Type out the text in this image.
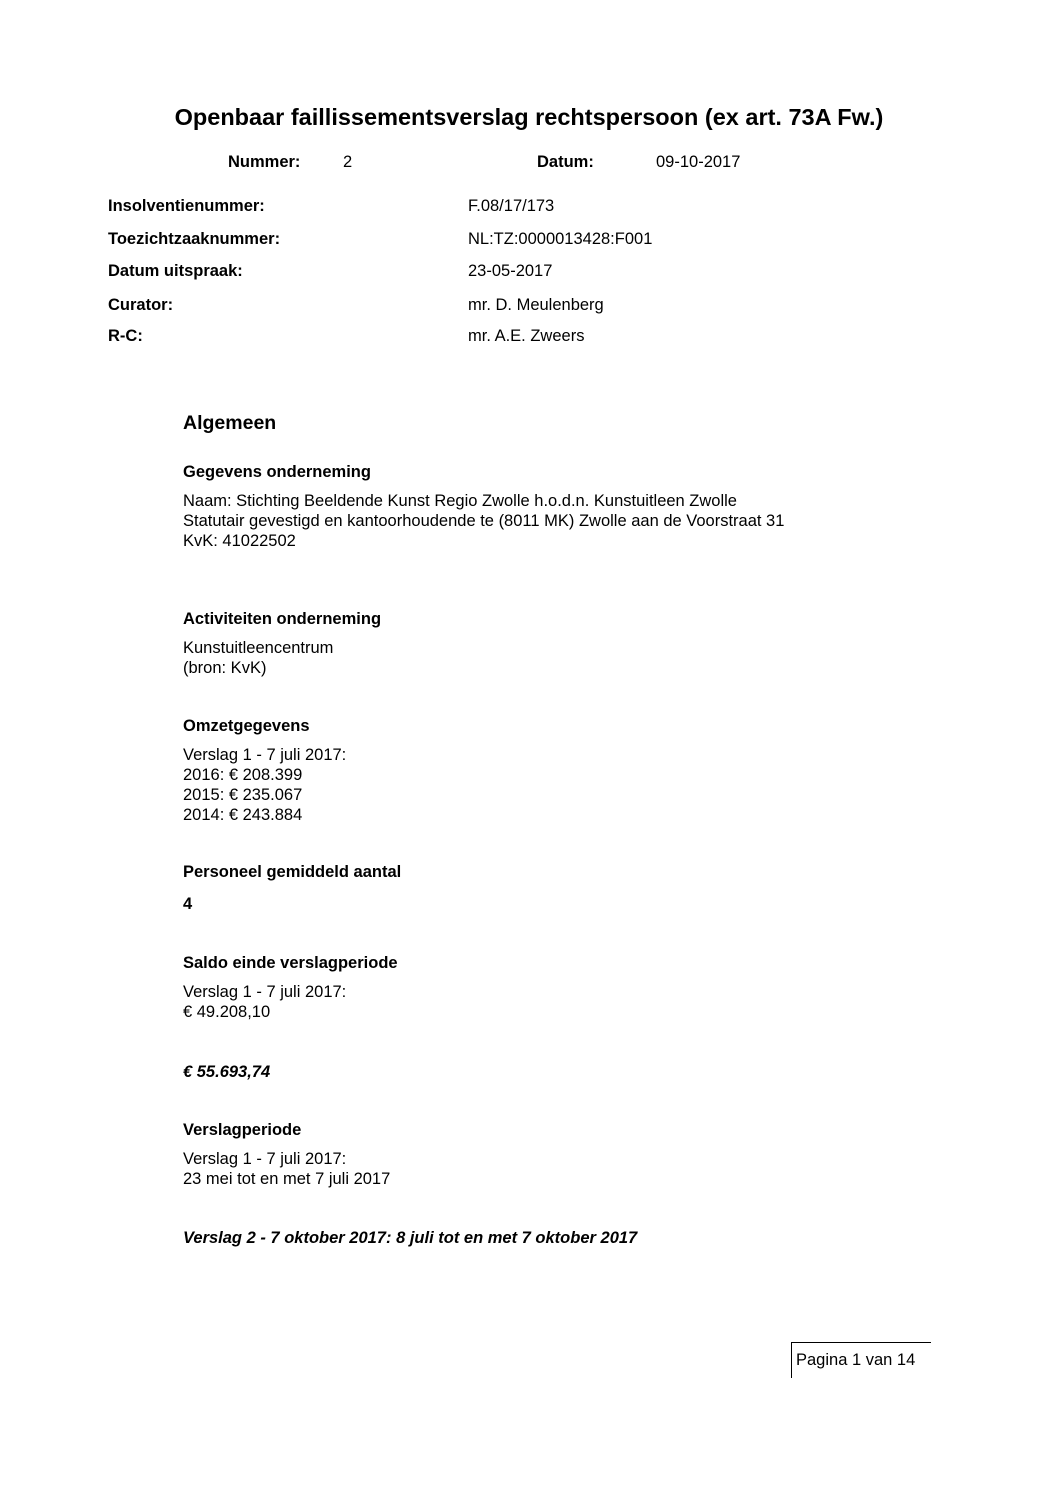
Openbaar faillissementsverslag rechtspersoon (ex art. 73A Fw.)
Nummer:	2	Datum:	09-10-2017
Insolventienummer:	F.08/17/173
Toezichtzaaknummer:	NL:TZ:0000013428:F001
Datum uitspraak:	23-05-2017
Curator:	mr. D. Meulenberg
R-C:	mr. A.E. Zweers
Algemeen
Gegevens onderneming
Naam: Stichting Beeldende Kunst Regio Zwolle h.o.d.n. Kunstuitleen Zwolle
Statutair gevestigd en kantoorhoudende te (8011 MK) Zwolle aan de Voorstraat 31
KvK: 41022502
Activiteiten onderneming
Kunstuitleencentrum
(bron: KvK)
Omzetgegevens
Verslag 1 - 7 juli 2017:
2016: € 208.399
2015: € 235.067
2014: € 243.884
Personeel gemiddeld aantal
4
Saldo einde verslagperiode
Verslag 1 - 7 juli 2017:
€ 49.208,10
€ 55.693,74
Verslagperiode
Verslag 1 - 7 juli 2017:
23 mei tot en met 7 juli 2017
Verslag 2 - 7 oktober 2017: 8 juli tot en met 7 oktober 2017
Pagina 1 van 14
